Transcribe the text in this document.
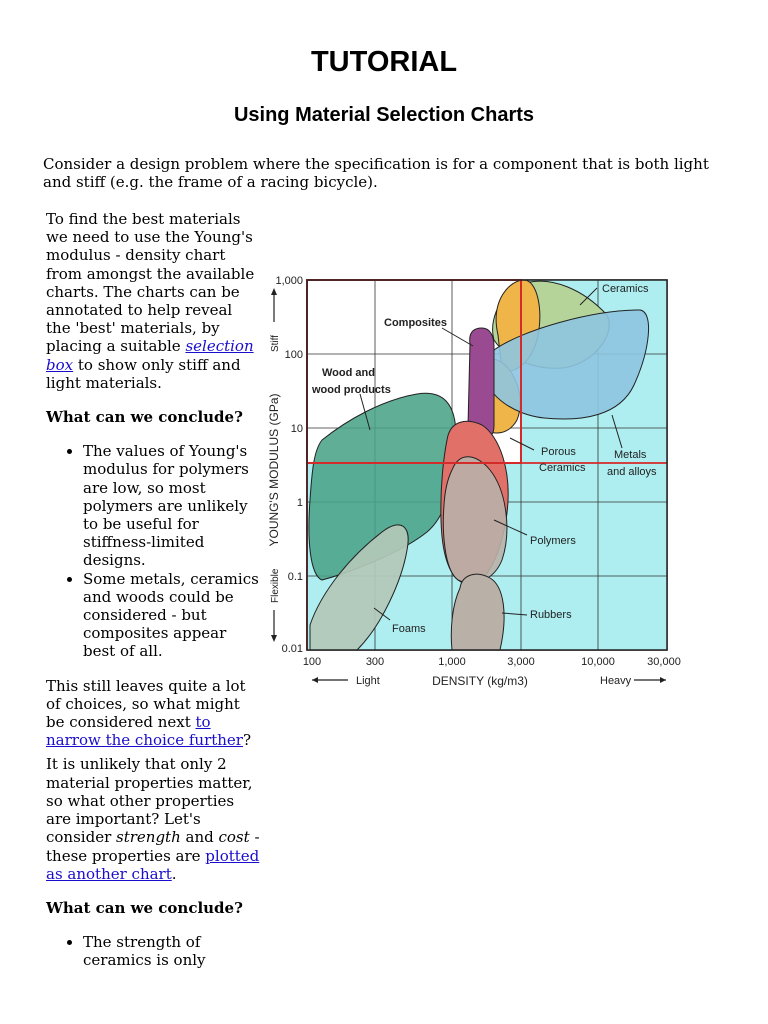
TUTORIAL
Using Material Selection Charts

Consider a design problem where the specification is for a component that is both light and stiff (e.g. the frame of a racing bicycle).

To find the best materials we need to use the Young's modulus - density chart from amongst the available charts. The charts can be annotated to help reveal the 'best' materials, by placing a suitable selection box to show only stiff and light materials.

What can we conclude?

• The values of Young's modulus for polymers are low, so most polymers are unlikely to be useful for stiffness-limited designs.
• Some metals, ceramics and woods could be considered - but composites appear best of all.

This still leaves quite a lot of choices, so what might be considered next to narrow the choice further?

It is unlikely that only 2 material properties matter, so what other properties are important? Let's consider strength and cost - these properties are plotted as another chart.

What can we conclude?

• The strength of ceramics is only
Ceramics
Composites
Wood and
wood products
Porous
Ceramics
Metals
and alloys
Polymers
Rubbers
Foams
1,000
100
10
1
0.1
0.01
100	300	1,000	3,000	10,000	30,000
DENSITY (kg/m3)
Light	Heavy
YOUNG'S MODULUS (GPa)
Stiff
Flexible
